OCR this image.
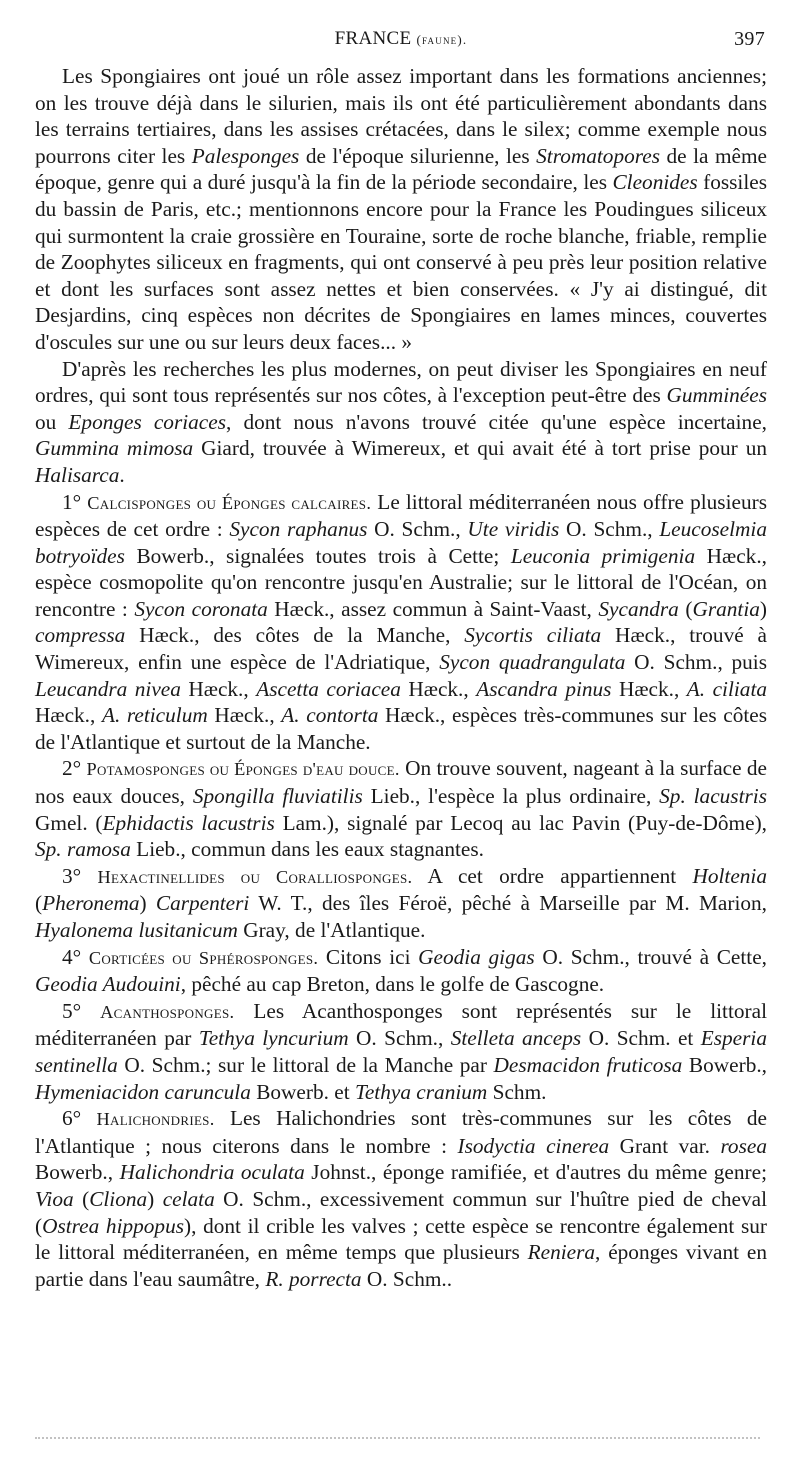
FRANCE (faune).	397

Les Spongiaires ont joué un rôle assez important dans les formations anciennes; on les trouve déjà dans le silurien, mais ils ont été particulièrement abondants dans les terrains tertiaires, dans les assises crétacées, dans le silex; comme exemple nous pourrons citer les Palesponges de l'époque silurienne, les Stromatopores de la même époque, genre qui a duré jusqu'à la fin de la période secondaire, les Cleonides fossiles du bassin de Paris, etc.; mentionnons encore pour la France les Poudingues siliceux qui surmontent la craie grossière en Touraine, sorte de roche blanche, friable, remplie de Zoophytes siliceux en fragments, qui ont conservé à peu près leur position relative et dont les surfaces sont assez nettes et bien conservées. « J'y ai distingué, dit Desjardins, cinq espèces non décrites de Spongiaires en lames minces, couvertes d'oscules sur une ou sur leurs deux faces... »

D'après les recherches les plus modernes, on peut diviser les Spongiaires en neuf ordres, qui sont tous représentés sur nos côtes, à l'exception peut-être des Gumminées ou Eponges coriaces, dont nous n'avons trouvé citée qu'une espèce incertaine, Gummina mimosa Giard, trouvée à Wimereux, et qui avait été à tort prise pour un Halisarca.

1° Calcisponges ou Éponges calcaires. Le littoral méditerranéen nous offre plusieurs espèces de cet ordre : Sycon raphanus O. Schm., Ute viridis O. Schm., Leucoselmia botryoïdes Bowerb., signalées toutes trois à Cette; Leuconia primigenia Hæck., espèce cosmopolite qu'on rencontre jusqu'en Australie; sur le littoral de l'Océan, on rencontre : Sycon coronata Hæck., assez commun à Saint-Vaast, Sycandra (Grantia) compressa Hæck., des côtes de la Manche, Sycortis ciliata Hæck., trouvé à Wimereux, enfin une espèce de l'Adriatique, Sycon quadrangulata O. Schm., puis Leucandra nivea Hæck., Ascetta coriacea Hæck., Ascandra pinus Hæck., A. ciliata Hæck., A. reticulum Hæck., A. contorta Hæck., espèces très-communes sur les côtes de l'Atlantique et surtout de la Manche.

2° Potamosponges ou Éponges d'eau douce. On trouve souvent, nageant à la surface de nos eaux douces, Spongilla fluviatilis Lieb., l'espèce la plus ordinaire, Sp. lacustris Gmel. (Ephidactis lacustris Lam.), signalé par Lecoq au lac Pavin (Puy-de-Dôme), Sp. ramosa Lieb., commun dans les eaux stagnantes.

3° Hexactinellides ou Coralliosponges. A cet ordre appartiennent Holtenia (Pheronema) Carpenteri W. T., des îles Féroë, pêché à Marseille par M. Marion, Hyalonema lusitanicum Gray, de l'Atlantique.

4° Corticées ou Sphérosponges. Citons ici Geodia gigas O. Schm., trouvé à Cette, Geodia Audouini, pêché au cap Breton, dans le golfe de Gascogne.

5° Acanthosponges. Les Acanthosponges sont représentés sur le littoral méditerranéen par Tethya lyncurium O. Schm., Stelleta anceps O. Schm. et Esperia sentinella O. Schm.; sur le littoral de la Manche par Desmacidon fruticosa Bowerb., Hymeniacidon caruncula Bowerb. et Tethya cranium Schm.

6° Halichondries. Les Halichondries sont très-communes sur les côtes de l'Atlantique ; nous citerons dans le nombre : Isodyctia cinerea Grant var. rosea Bowerb., Halichondria oculata Johnst., éponge ramifiée, et d'autres du même genre; Vioa (Cliona) celata O. Schm., excessivement commun sur l'huître pied de cheval (Ostrea hippopus), dont il crible les valves ; cette espèce se rencontre également sur le littoral méditerranéen, en même temps que plusieurs Reniera, éponges vivant en partie dans l'eau saumâtre, R. porrecta O. Schm..
